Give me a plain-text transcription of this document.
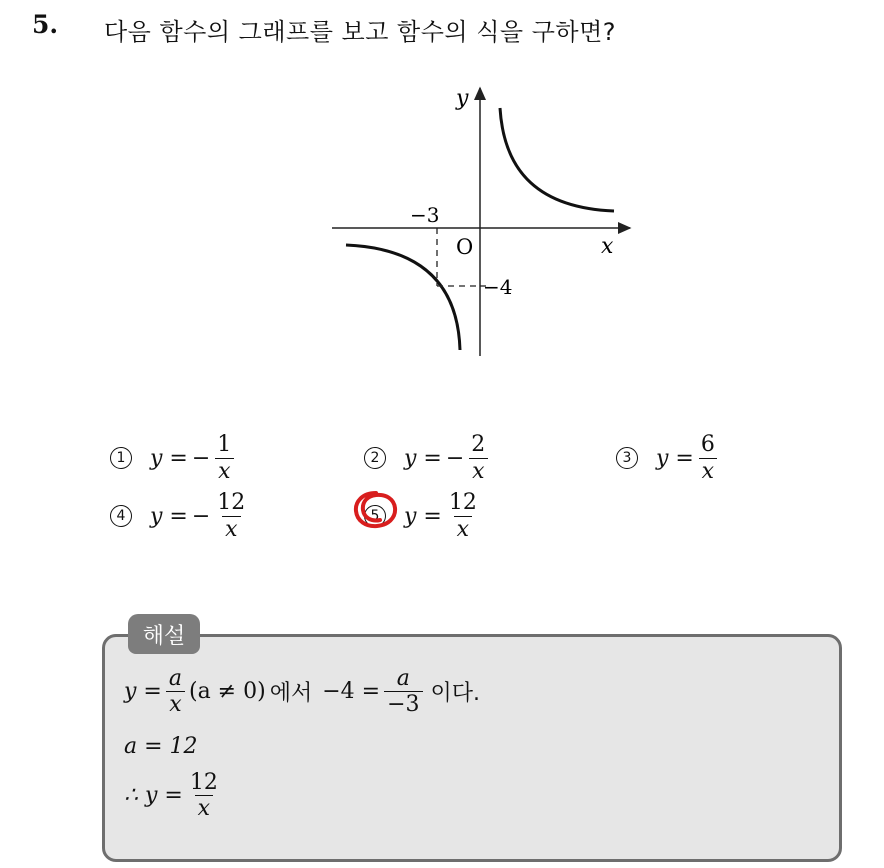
5. 다음 함수의 그래프를 보고 함수의 식을 구하면?
y
x
O
−3
−4
1 y = − $\frac{1}{x}$	2 y = − $\frac{2}{x}$	3 $y = \frac{6}{x}$
4 y = − $\frac{12}{x}$	5 $y = \frac{12}{x}$
해설
$y = \frac{a}{x} (a \ne 0)$ 에서 $-4 = \frac{a}{-3}$ 이다.
a = 12
∴ $y = \frac{12}{x}$
